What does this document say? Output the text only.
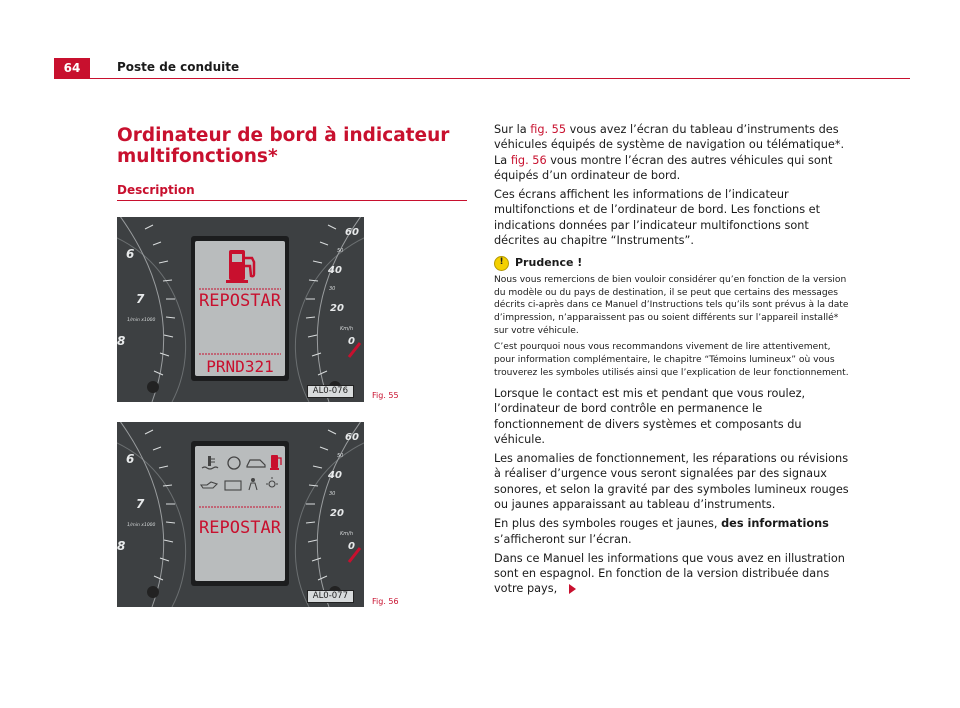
64	Poste de conduite
Ordinateur de bord à indicateur multifonctions*
Description
REPOSTAR
PRND321
6
7
8
1/min x1000
60
50
40
30
20
Km/h
0
AL0-076	Fig. 55
REPOSTAR
6
7
8
1/min x1000
60
50
40
30
20
Km/h
0
AL0-077
Fig. 56

Sur la fig. 55 vous avez l’écran du tableau d’instruments des véhicules équipés de système de navigation ou télématique*. La fig. 56 vous montre l’écran des autres véhicules qui sont équipés d’un ordinateur de bord.

Ces écrans affichent les informations de l’indicateur multifonctions et de l’ordinateur de bord. Les fonctions et indications données par l’indicateur multifonctions sont décrites au chapitre “Instruments”.

!	Prudence !

Nous vous remercions de bien vouloir considérer qu’en fonction de la version du modèle ou du pays de destination, il se peut que certains des messages décrits ci-après dans ce Manuel d’Instructions tels qu’ils sont prévus à la date d’impression, n’apparaissent pas ou soient différents sur l’appareil installé* sur votre véhicule.

C’est pourquoi nous vous recommandons vivement de lire attentivement, pour information complémentaire, le chapitre “Témoins lumineux” où vous trouverez les symboles utilisés ainsi que l’explication de leur fonctionnement.

Lorsque le contact est mis et pendant que vous roulez, l’ordinateur de bord contrôle en permanence le fonctionnement de divers systèmes et composants du véhicule.

Les anomalies de fonctionnement, les réparations ou révisions à réaliser d’urgence vous seront signalées par des signaux sonores, et selon la gravité par des symboles lumineux rouges ou jaunes apparaissant au tableau d’instruments.

En plus des symboles rouges et jaunes, des informations s’afficheront sur l’écran.

Dans ce Manuel les informations que vous avez en illustration sont en espagnol. En fonction de la version distribuée dans votre pays,
